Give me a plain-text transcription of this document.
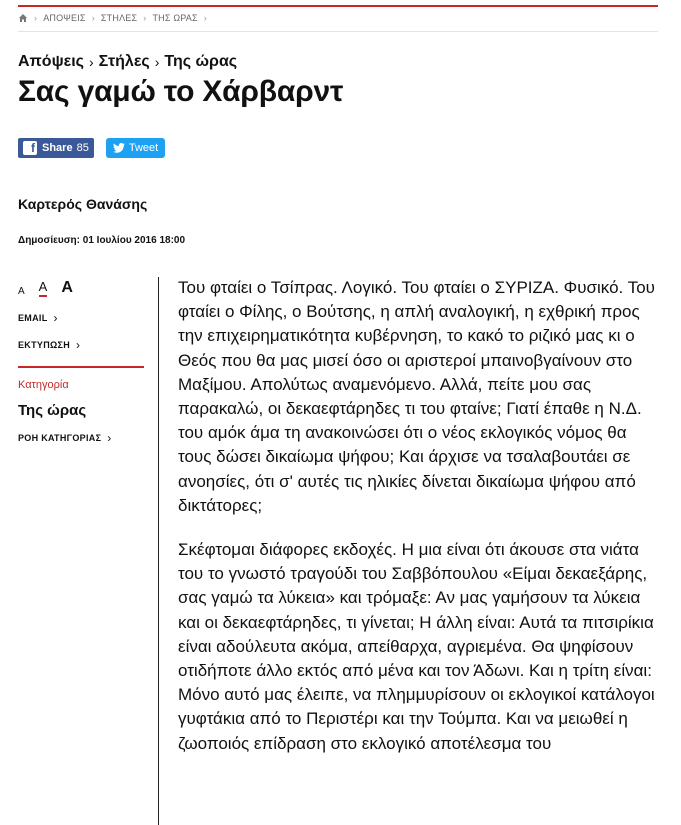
› ΑΠΟΨΕΙΣ › ΣΤΗΛΕΣ › ΤΗΣ ΩΡΑΣ ›
Απόψεις › Στήλες › Της ώρας
Σας γαμώ το Χάρβαρντ
f Share 85	Tweet
Καρτερός Θανάσης
Δημοσίευση: 01 Ιουλίου 2016 18:00
A A A
EMAIL ›
ΕΚΤΥΠΩΣΗ ›
Κατηγορία
Της ώρας
ΡΟΗ ΚΑΤΗΓΟΡΙΑΣ ›

Του φταίει ο Τσίπρας. Λογικό. Του φταίει ο ΣΥΡΙΖΑ. Φυσικό. Του φταίει ο Φίλης, ο Βούτσης, η απλή αναλογική, η εχθρική προς την επιχειρηματικότητα κυβέρνηση, το κακό το ριζικό μας κι ο Θεός που θα μας μισεί όσο οι αριστεροί μπαινοβγαίνουν στο Μαξίμου. Απολύτως αναμενόμενο. Αλλά, πείτε μου σας παρακαλώ, οι δεκαεφτάρηδες τι του φταίνε; Γιατί έπαθε η Ν.Δ. του αμόκ άμα τη ανακοινώσει ότι ο νέος εκλογικός νόμος θα τους δώσει δικαίωμα ψήφου; Και άρχισε να τσαλαβουτάει σε ανοησίες, ότι σ' αυτές τις ηλικίες δίνεται δικαίωμα ψήφου από δικτάτορες;

Σκέφτομαι διάφορες εκδοχές. Η μια είναι ότι άκουσε στα νιάτα του το γνωστό τραγούδι του Σαββόπουλου «Είμαι δεκαεξάρης, σας γαμώ τα λύκεια» και τρόμαξε: Αν μας γαμήσουν τα λύκεια και οι δεκαεφτάρηδες, τι γίνεται; Η άλλη είναι: Αυτά τα πιτσιρίκια είναι αδούλευτα ακόμα, απείθαρχα, αγριεμένα. Θα ψηφίσουν οτιδήποτε άλλο εκτός από μένα και τον Άδωνι. Και η τρίτη είναι: Μόνο αυτό μας έλειπε, να πλημμυρίσουν οι εκλογικοί κατάλογοι γυφτάκια από το Περιστέρι και την Τούμπα. Και να μειωθεί η ζωοποιός επίδραση στο εκλογικό αποτέλεσμα του
